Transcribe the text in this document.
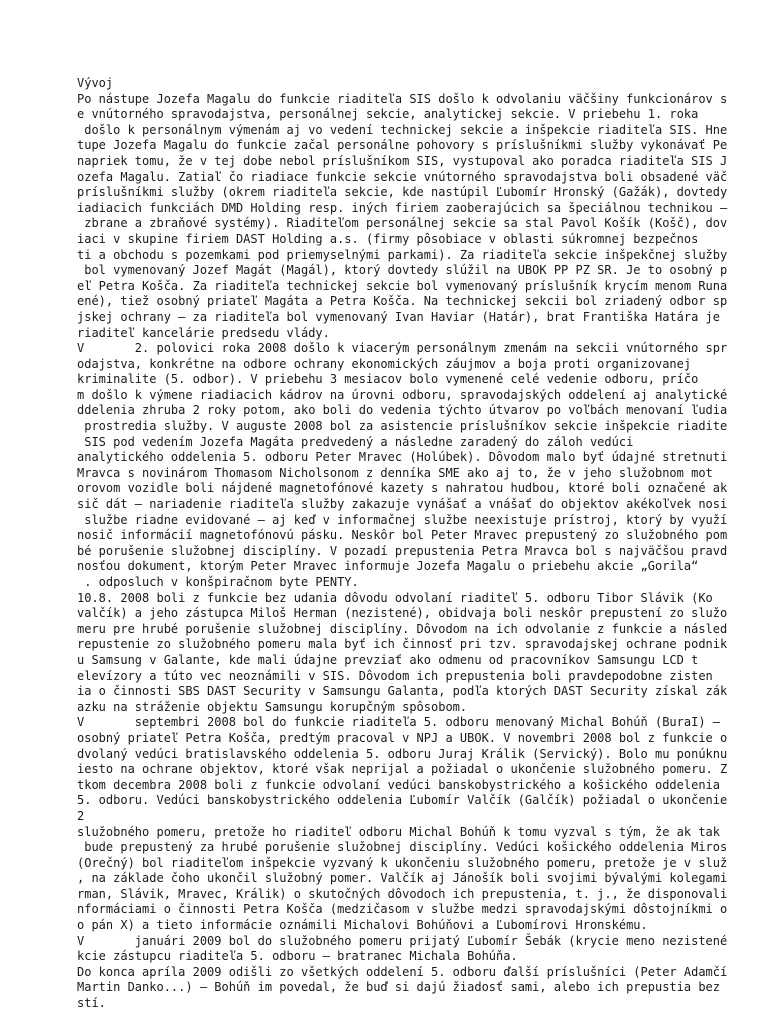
Vývoj
Po nástupe Jozefa Magalu do funkcie riaditeľa SIS došlo k odvolaniu väčšiny funkcionárov s
e vnútorného spravodajstva, personálnej sekcie, analytickej sekcie. V priebehu 1. roka
došlo k personálnym výmenám aj vo vedení technickej sekcie a inšpekcie riaditeľa SIS. Hne
tupe Jozefa Magalu do funkcie začal personálne pohovory s príslušníkmi služby vykonávať Pe
napriek tomu, že v tej dobe nebol príslušníkom SIS, vystupoval ako poradca riaditeľa SIS J
ozefa Magalu. Zatiaľ čo riadiace funkcie sekcie vnútorného spravodajstva boli obsadené väč
príslušníkmi služby (okrem riaditeľa sekcie, kde nastúpil Ľubomír Hronský (Gažák), dovtedy
iadiacich funkciách DMD Holding resp. iných firiem zaoberajúcich sa špeciálnou technikou –
zbrane a zbraňové systémy). Riaditeľom personálnej sekcie sa stal Pavol Košík (Košč), dov
iaci v skupine firiem DAST Holding a.s. (firmy pôsobiace v oblasti súkromnej bezpečnos
ti a obchodu s pozemkami pod priemyselnými parkami). Za riaditeľa sekcie inšpekčnej služby
bol vymenovaný Jozef Magát (Magál), ktorý dovtedy slúžil na UBOK PP PZ SR. Je to osobný p
eľ Petra Košča. Za riaditeľa technickej sekcie bol vymenovaný príslušník krycím menom Runa
ené), tiež osobný priateľ Magáta a Petra Košča. Na technickej sekcii bol zriadený odbor sp
jskej ochrany – za riaditeľa bol vymenovaný Ivan Haviar (Határ), brat Františka Határa je
riaditeľ kancelárie predsedu vlády.
V       2. polovici roka 2008 došlo k viacerým personálnym zmenám na sekcii vnútorného spr
odajstva, konkrétne na odbore ochrany ekonomických záujmov a boja proti organizovanej
kriminalite (5. odbor). V priebehu 3 mesiacov bolo vymenené celé vedenie odboru, príčo
m došlo k výmene riadiacich kádrov na úrovni odboru, spravodajských oddelení aj analytické
ddelenia zhruba 2 roky potom, ako boli do vedenia týchto útvarov po voľbách menovaní ľudia
prostredia služby. V auguste 2008 bol za asistencie príslušníkov sekcie inšpekcie riadite
SIS pod vedením Jozefa Magáta predvedený a následne zaradený do záloh vedúci
analytického oddelenia 5. odboru Peter Mravec (Holúbek). Dôvodom malo byť údajné stretnuti
Mravca s novinárom Thomasom Nicholsonom z denníka SME ako aj to, že v jeho služobnom mot
orovom vozidle boli nájdené magnetofónové kazety s nahratou hudbou, ktoré boli označené ak
sič dát – nariadenie riaditeľa služby zakazuje vynášať a vnášať do objektov akékoľvek nosi
službe riadne evidované – aj keď v informačnej službe neexistuje prístroj, ktorý by využí
nosič informácií magnetofónovú pásku. Neskôr bol Peter Mravec prepustený zo služobného pom
bé porušenie služobnej disciplíny. V pozadí prepustenia Petra Mravca bol s najväčšou pravd
nosťou dokument, ktorým Peter Mravec informuje Jozefa Magalu o priebehu akcie „Gorila“
. odposluch v konšpiračnom byte PENTY.
10.8. 2008 boli z funkcie bez udania dôvodu odvolaní riaditeľ 5. odboru Tibor Slávik (Ko
valčík) a jeho zástupca Miloš Herman (nezistené), obidvaja boli neskôr prepustení zo služo
meru pre hrubé porušenie služobnej disciplíny. Dôvodom na ich odvolanie z funkcie a násled
repustenie zo služobného pomeru mala byť ich činnosť pri tzv. spravodajskej ochrane podnik
u Samsung v Galante, kde mali údajne prevziať ako odmenu od pracovníkov Samsungu LCD t
elevízory a túto vec neoznámili v SIS. Dôvodom ich prepustenia boli pravdepodobne zisten
ia o činnosti SBS DAST Security v Samsungu Galanta, podľa ktorých DAST Security získal zák
azku na stráženie objektu Samsungu korupčným spôsobom.
V       septembri 2008 bol do funkcie riaditeľa 5. odboru menovaný Michal Bohúň (BuraI) –
osobný priateľ Petra Košča, predtým pracoval v NPJ a UBOK. V novembri 2008 bol z funkcie o
dvolaný vedúci bratislavského oddelenia 5. odboru Juraj Králik (Servický). Bolo mu ponúknu
iesto na ochrane objektov, ktoré však neprijal a požiadal o ukončenie služobného pomeru. Z
tkom decembra 2008 boli z funkcie odvolaní vedúci banskobystrického a košického oddelenia
5. odboru. Vedúci banskobystrického oddelenia Ľubomír Valčík (Galčík) požiadal o ukončenie
2
služobného pomeru, pretože ho riaditeľ odboru Michal Bohúň k tomu vyzval s tým, že ak tak
bude prepustený za hrubé porušenie služobnej disciplíny. Vedúci košického oddelenia Miros
(Orečný) bol riaditeľom inšpekcie vyzvaný k ukončeniu služobného pomeru, pretože je v služ
, na základe čoho ukončil služobný pomer. Valčík aj Jánošík boli svojimi bývalými kolegami
rman, Slávik, Mravec, Králik) o skutočných dôvodoch ich prepustenia, t. j., že disponovali
nformáciami o činnosti Petra Košča (medzičasom v službe medzi spravodajskými dôstojníkmi o
o pán X) a tieto informácie oznámili Michalovi Bohúňovi a Ľubomírovi Hronskému.
V       januári 2009 bol do služobného pomeru prijatý Ľubomír Šebák (krycie meno nezistené
kcie zástupcu riaditeľa 5. odboru – bratranec Michala Bohúňa.
Do konca apríla 2009 odišli zo všetkých oddelení 5. odboru ďalší príslušníci (Peter Adamčí
Martin Danko...) – Bohúň im povedal, že buď si dajú žiadosť sami, alebo ich prepustia bez
stí.
